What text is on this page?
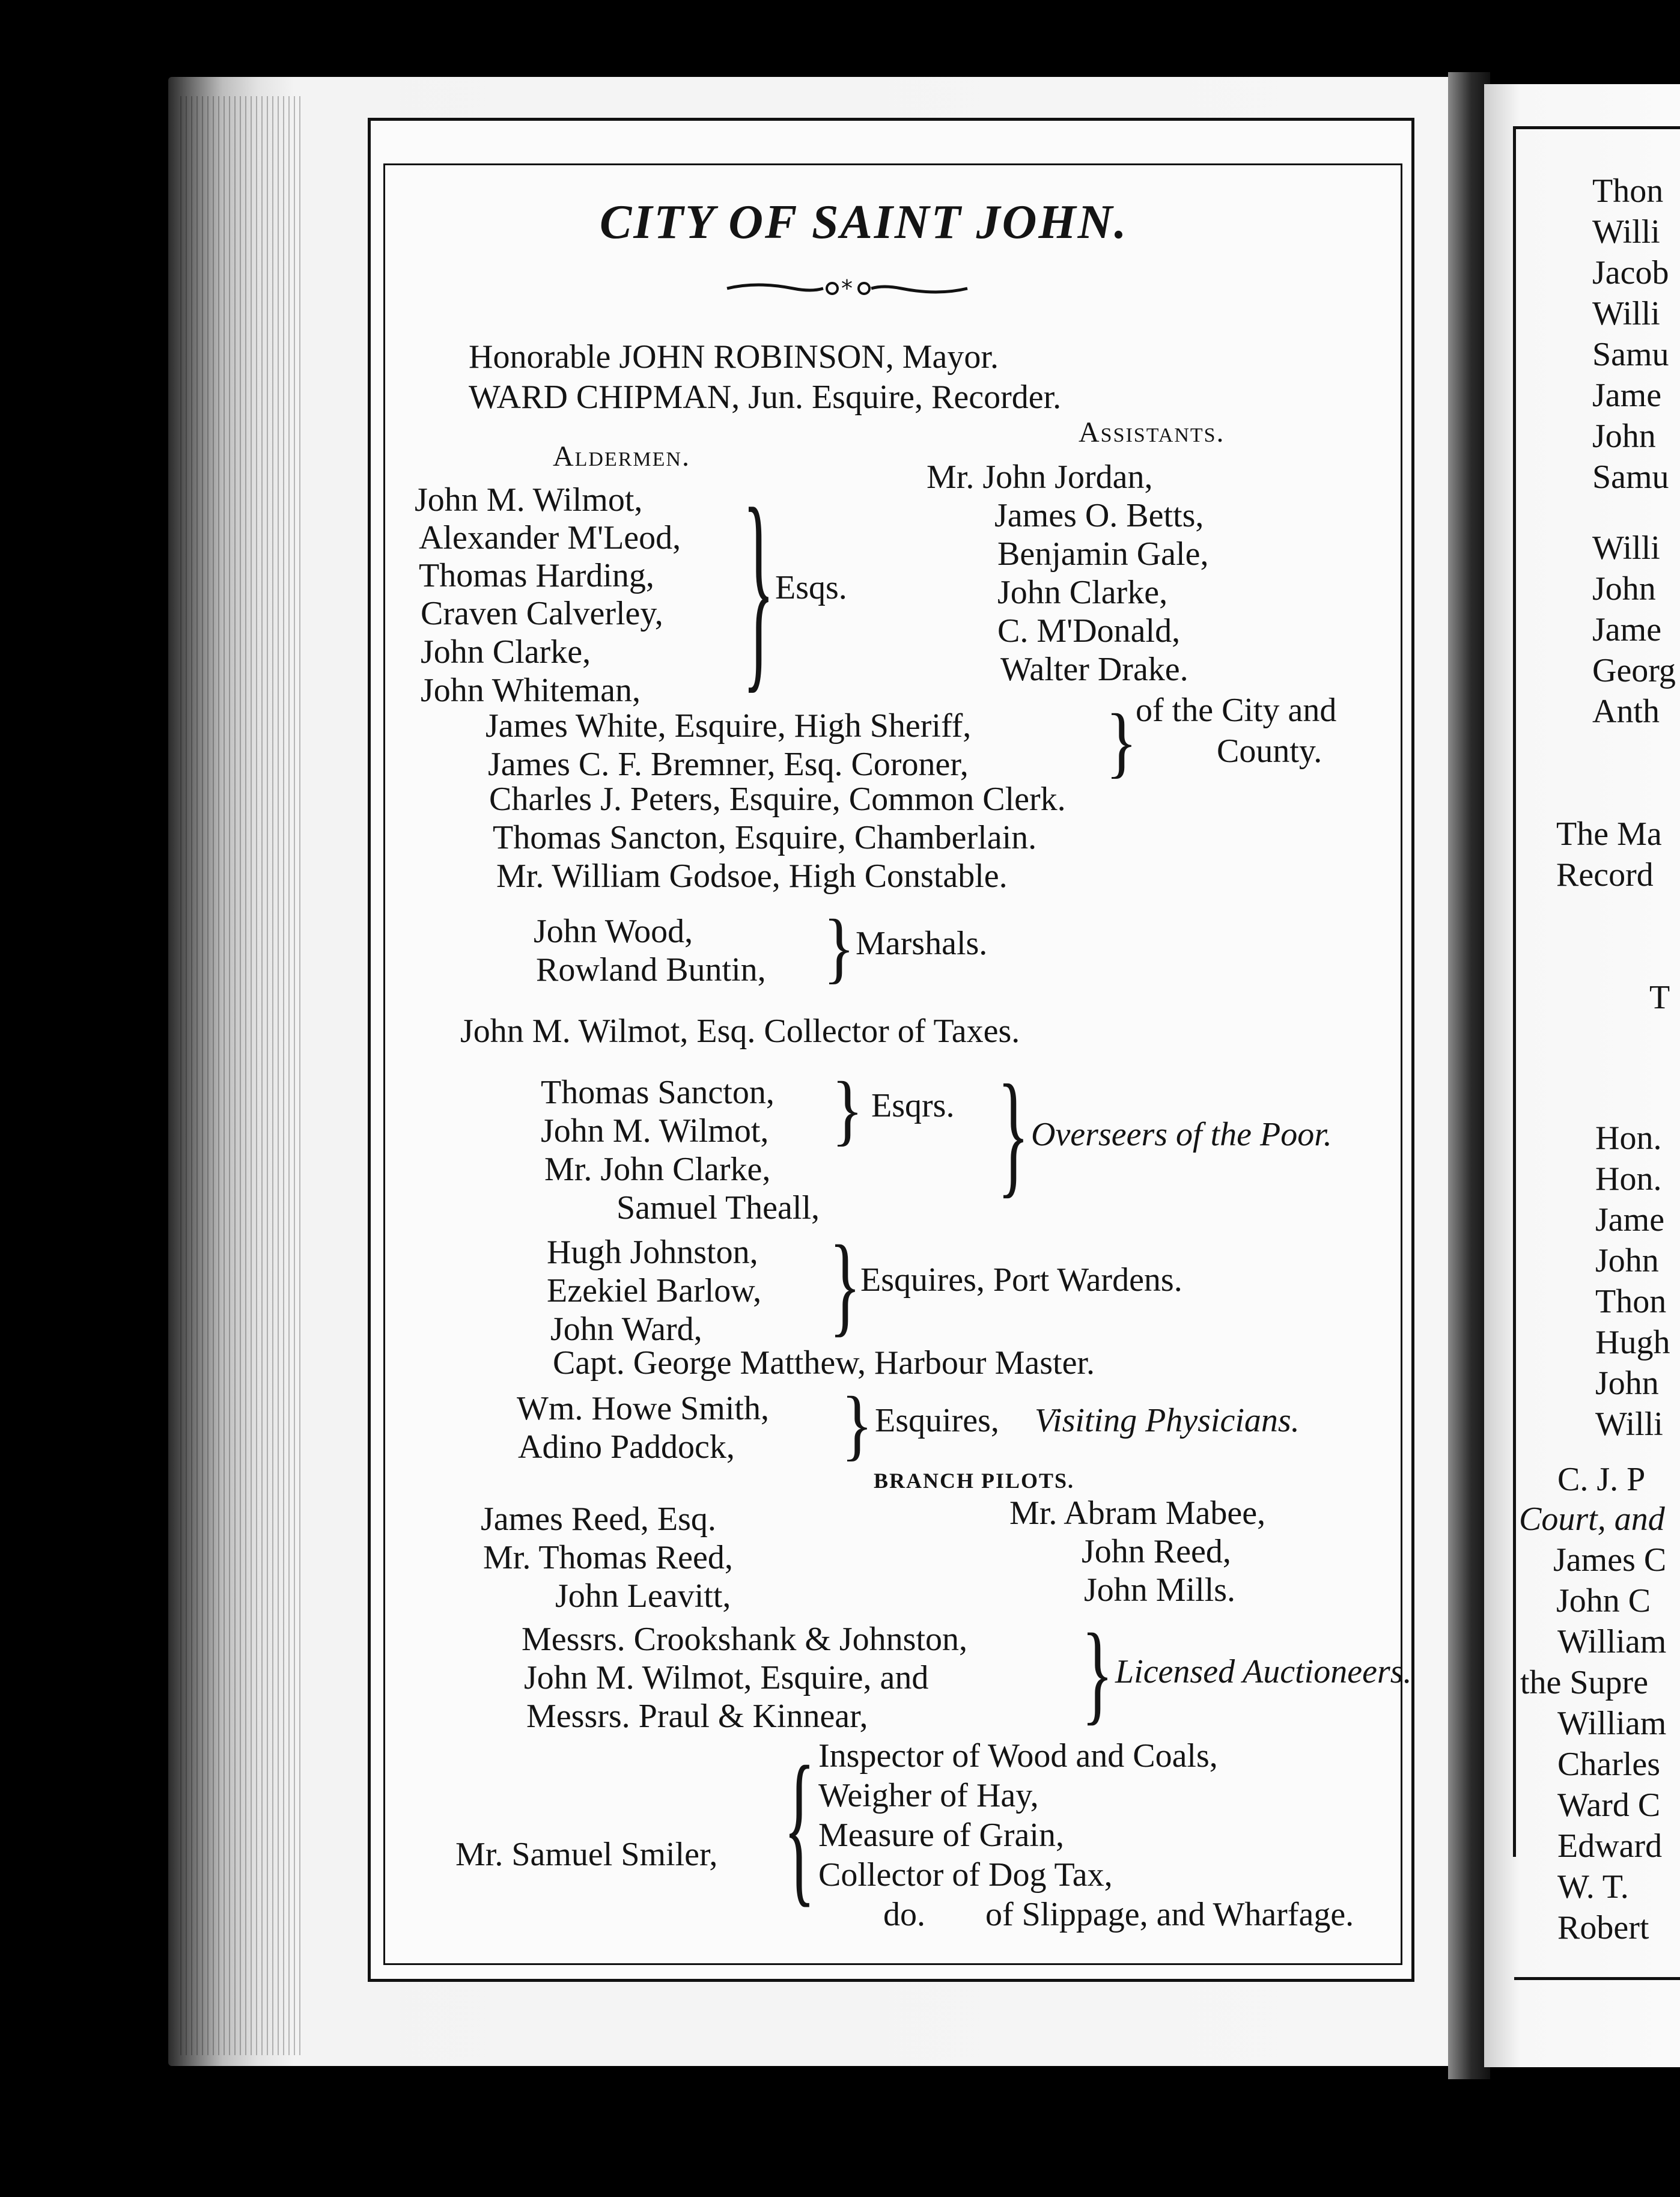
CITY OF SAINT JOHN.
*
Honorable JOHN ROBINSON, Mayor.
WARD CHIPMAN, Jun. Esquire, Recorder.
Aldermen.
John M. Wilmot,
Alexander M'Leod,
Thomas Harding,
Craven Calverley,
John Clarke,
John Whiteman, } Esqs.
Assistants.
Mr. John Jordan,
James O. Betts,
Benjamin Gale,
John Clarke,
C. M'Donald,
Walter Drake.
James White, Esquire, High Sheriff,
James C. F. Bremner, Esq. Coroner, }
of the City and
County.
Charles J. Peters, Esquire, Common Clerk.
Thomas Sancton, Esquire, Chamberlain.
Mr. William Godsoe, High Constable.
John Wood,
Rowland Buntin, } Marshals.
John M. Wilmot, Esq. Collector of Taxes.
Thomas Sancton,
John M. Wilmot,
Mr. John Clarke,
Samuel Theall,
} Esqrs. } Overseers of the Poor.
Hugh Johnston,
Ezekiel Barlow,
John Ward, } Esquires, Port Wardens.
Capt. George Matthew, Harbour Master.
Wm. Howe Smith,
Adino Paddock, } Esquires, Visiting Physicians.
BRANCH PILOTS.
James Reed, Esq.
Mr. Thomas Reed,
John Leavitt,
Mr. Abram Mabee,
John Reed,
John Mills.
Messrs. Crookshank & Johnston,
John M. Wilmot, Esquire, and
Messrs. Praul & Kinnear,	} Licensed Auctioneers.
{ Inspector of Wood and Coals,
Weigher of Hay,
Measure of Grain,
Collector of Dog Tax,
do. of Slippage, and Wharfage.
Mr. Samuel Smiler,
Thon
Willi
Jacob
Willi
Samu
Jame
John
Samu
Willi
John
Jame
Georg
Anth
The Ma
Record
T
Hon.
Hon.
Jame
John
Thon
Hugh
John
Willi
C. J. P
Court, and
James C
John C
William
the Supre
William
Charles
Ward C
Edward
W. T.
Robert
